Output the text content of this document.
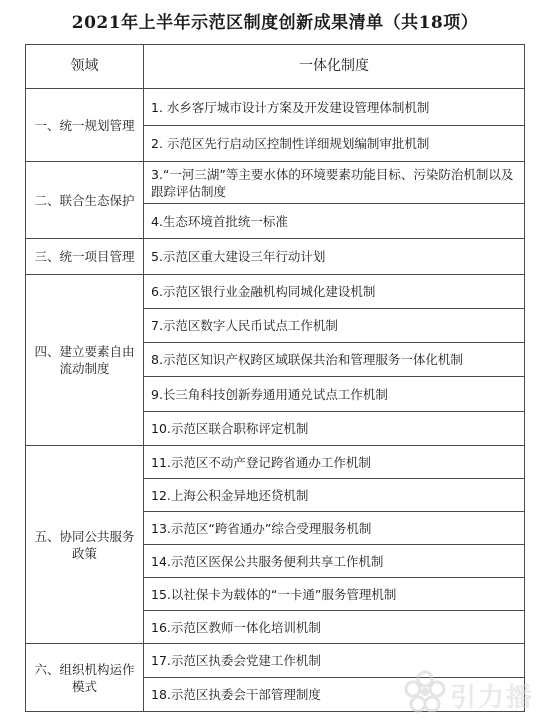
2021年上半年示范区制度创新成果清单（共18项）
领域	一体化制度
一、统一规划管理	1. 水乡客厅城市设计方案及开发建设管理体制机制
	2. 示范区先行启动区控制性详细规划编制审批机制
二、联合生态保护	3.“一河三湖”等主要水体的环境要素功能目标、污染防治机制以及跟踪评估制度
	4.生态环境首批统一标准
三、统一项目管理	5.示范区重大建设三年行动计划
四、建立要素自由流动制度	6.示范区银行业金融机构同城化建设机制
	7.示范区数字人民币试点工作机制
	8.示范区知识产权跨区域联保共治和管理服务一体化机制
	9.长三角科技创新券通用通兑试点工作机制
	10.示范区联合职称评定机制
五、协同公共服务政策	11.示范区不动产登记跨省通办工作机制
	12.上海公积金异地还贷机制
	13.示范区“跨省通办”综合受理服务机制
	14.示范区医保公共服务便利共享工作机制
	15.以社保卡为载体的“一卡通”服务管理机制
	16.示范区教师一体化培训机制
六、组织机构运作模式	17.示范区执委会党建工作机制
	18.示范区执委会干部管理制度	引力播
